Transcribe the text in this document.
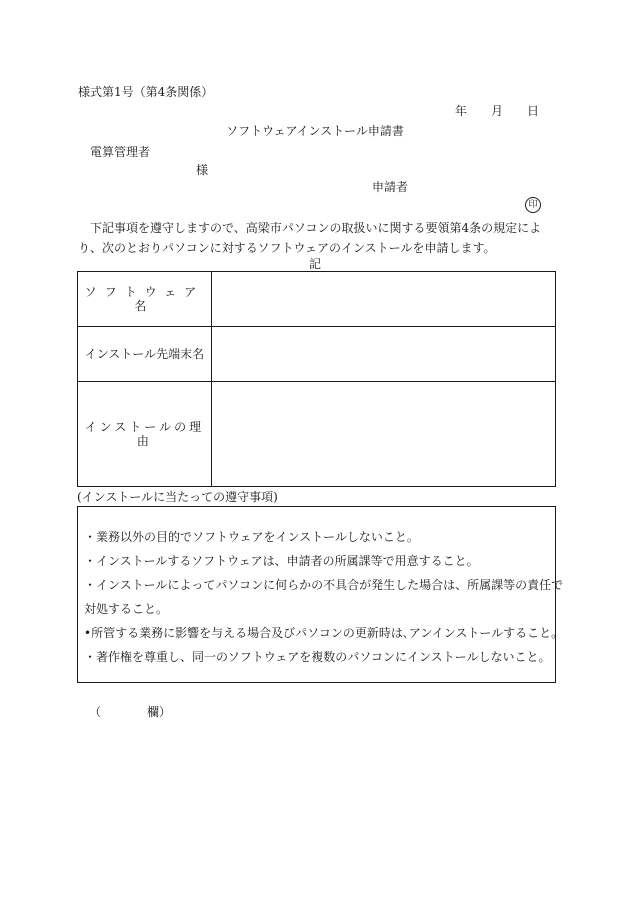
様式第1号（第4条関係）
年 月 日
ソフトウェアインストール申請書
電算管理者
様
申請者
印
　下記事項を遵守しますので、高梁市パソコンの取扱いに関する要領第4条の規定により、次のとおりパソコンに対するソフトウェアのインストールを申請します。
記
ソフトウェア名	
インストール先端末名	
インストールの理由	
(インストールに当たっての遵守事項)
・業務以外の目的でソフトウェアをインストールしないこと。
・インストールするソフトウェアは、申請者の所属課等で用意すること。
・インストールによってパソコンに何らかの不具合が発生した場合は、所属課等の責任で
対処すること。
•所管する業務に影響を与える場合及びパソコンの更新時は､アンインストールすること。
・著作権を尊重し、同一のソフトウェアを複数のパソコンにインストールしないこと。
（	欄）
